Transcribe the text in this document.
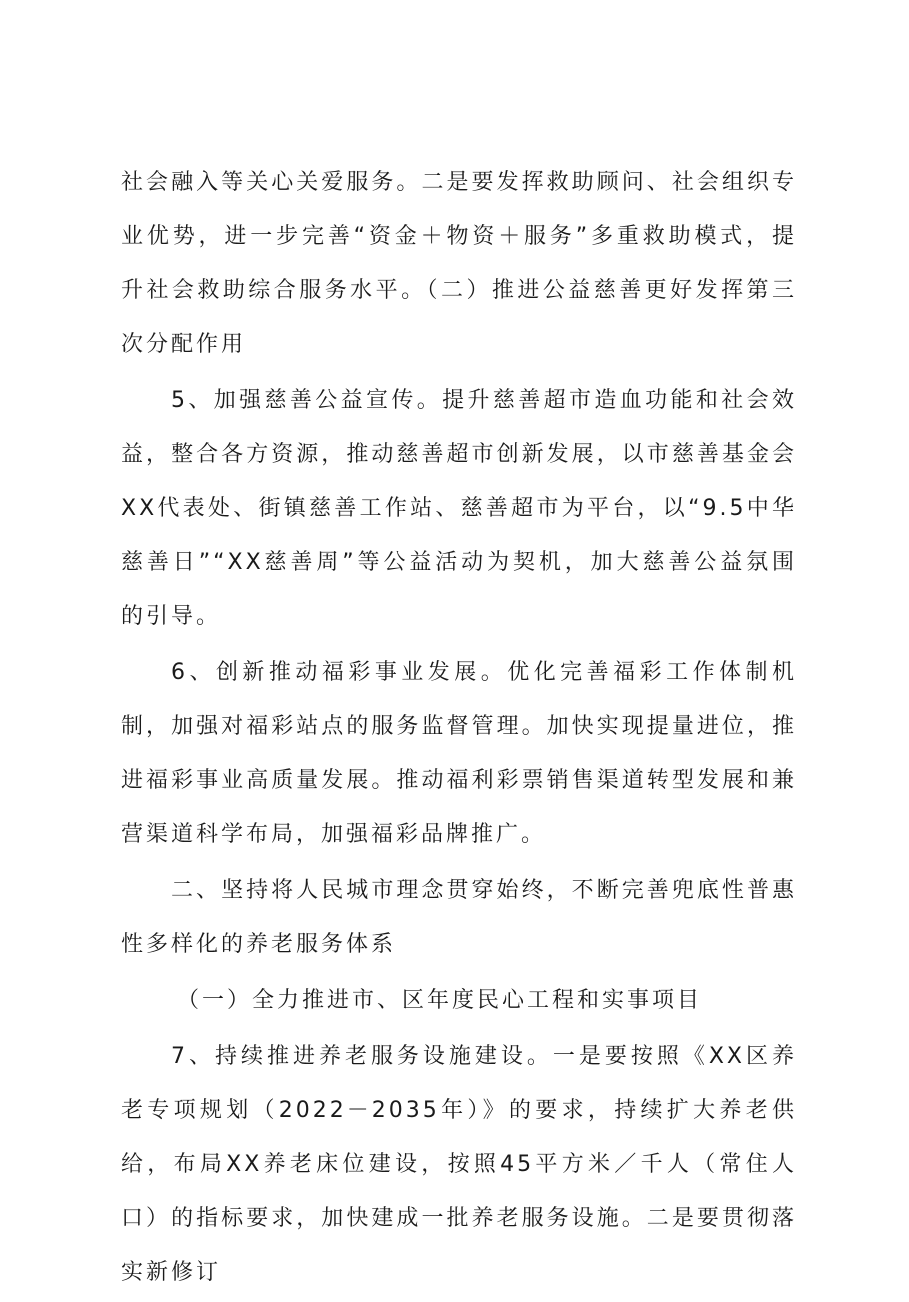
社会融入等关心关爱服务。二是要发挥救助顾问、社会组织专业优势，进一步完善“资金＋物资＋服务”多重救助模式，提升社会救助综合服务水平。（二）推进公益慈善更好发挥第三次分配作用

5、加强慈善公益宣传。提升慈善超市造血功能和社会效益，整合各方资源，推动慈善超市创新发展，以市慈善基金会XX代表处、街镇慈善工作站、慈善超市为平台，以“9.5中华慈善日”“XX慈善周”等公益活动为契机，加大慈善公益氛围的引导。

6、创新推动福彩事业发展。优化完善福彩工作体制机制，加强对福彩站点的服务监督管理。加快实现提量进位，推进福彩事业高质量发展。推动福利彩票销售渠道转型发展和兼营渠道科学布局，加强福彩品牌推广。

二、坚持将人民城市理念贯穿始终，不断完善兜底性普惠性多样化的养老服务体系

（一）全力推进市、区年度民心工程和实事项目

7、持续推进养老服务设施建设。一是要按照《XX区养老专项规划（2022－2035年）》的要求，持续扩大养老供给，布局XX养老床位建设，按照45平方米／千人（常住人口）的指标要求，加快建成一批养老服务设施。二是要贯彻落实新修订
